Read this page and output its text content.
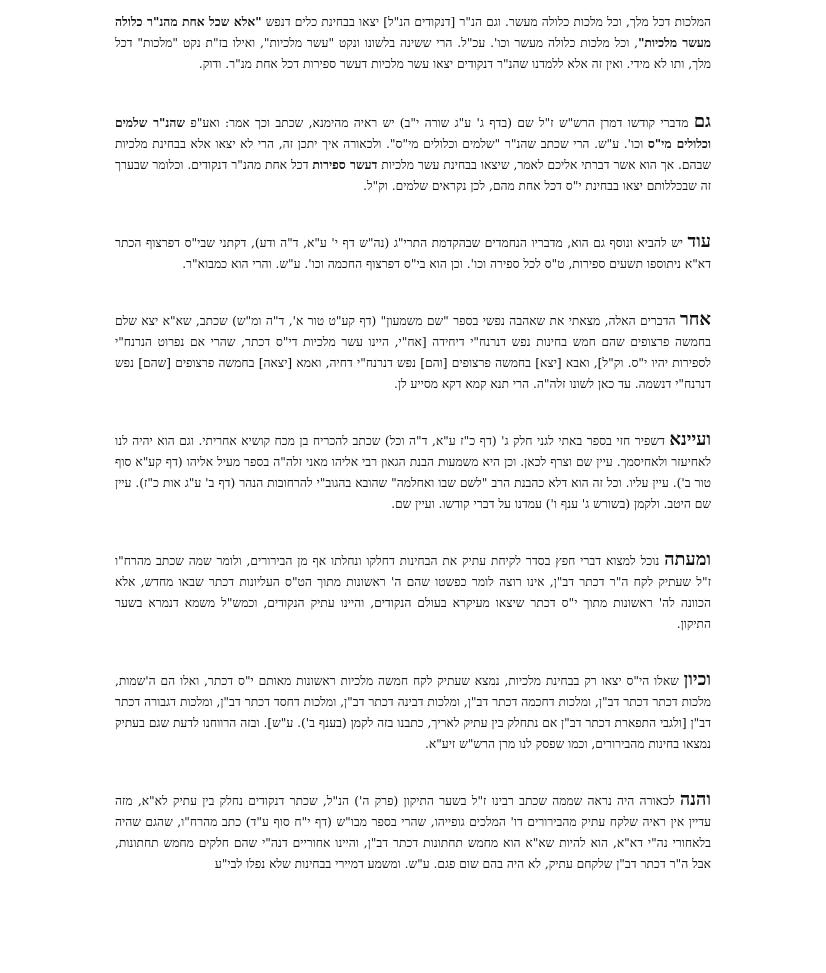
המלכות דכל מלך, וכל מלכות כלולה מעשר. וגם הנ"ר [דנקודים הנ"ל] יצאו בבחינת כלים דנפש "אלא שכל אחת מהנ"ר כלולה מעשר מלכיות", וכל מלכות כלולה מעשר וכו'. עכ"ל. הרי ששינה בלשונו ונקט "עשר מלכיות", ואילו בז"ת נקט "מלכות" דכל מלך, ותו לא מידי. ואין זה אלא ללמדנו שהנ"ר דנקודים יצאו עשר מלכיות דעשר ספירות דכל אחת מנ"ר. ודוק.

גם מדברי קודשו דמרן הרש"ש ז"ל שם (בדף ג' ע"ג שורה י"ב) יש ראיה מהימנא, שכתב וכך אמר: ואע"פ שהנ"ר שלמים וכלולים מי"ס וכו'. ע"ש. הרי שכתב שהנ"ר "שלמים וכלולים מי"ס". ולכאורה איך יתכן זה, הרי לא יצאו אלא בבחינת מלכיות שבהם. אך הוא אשר דברתי אליכם לאמר, שיצאו בבחינת עשר מלכיות דעשר ספירות דכל אחת מהנ"ר דנקודים. וכלומר שבערך זה שבכללותם יצאו בבחינת י"ס דכל אחת מהם, לכן נקראים שלמים. וק"ל.

עוד יש להביא ונוסף גם הוא, מדבריו הנחמדים שבהקדמת התרי"ג (נה"ש דף י' ע"א, ד"ה ודע), דקתני שבי"ס דפרצוף הכתר דא"א ניתוספו תשעים ספירות, ט"ס לכל ספירה וכו'. וכן הוא בי"ס דפרצוף החכמה וכו'. ע"ש. והרי הוא כמבוא"ר.

אחר הדברים האלה, מצאתי את שאהבה נפשי בספר "שם משמעון" (דף קע"ט טור א', ד"ה ומ"ש) שכתב, שא"א יצא שלם בחמשה פרצופים שהם חמש בחינות נפש דנרנח"י דיחידה [אח"י, היינו עשר מלכיות די"ס דכתר, שהרי אם נפרוט הנרנח"י לספירות יהיו י"ס. וק"ל], ואבא [יצא] בחמשה פרצופים [והם] נפש דנרנח"י דחיה, ואמא [יצאה] בחמשה פרצופים [שהם] נפש דנרנח"י דנשמה. עד כאן לשונו זלה"ה. הרי תנא קמא דקא מסייע לן.

ועיינא דשפיר חזי בספר באתי לגני חלק ג' (דף כ"ז ע"א, ד"ה וכל) שכתב להכריח בן מכח קושיא אחריתי. וגם הוא יהיה לנו לאחיעזר ולאחיסמך. עיין שם וצרף לכאן. וכן היא משמעות הבנת הגאון רבי אליהו מאני זלה"ה בספר מעיל אליהו (דף קע"א סוף טור ב'). עיין עליו. וכל זה הוא דלא כהבנת הרב "לשם שבו ואחלמה" שהובא בהגוב"י להרחובות הנהר (דף ב' ע"ג אות כ"ז). עיין שם היטב. ולקמן (בשורש ג' ענף ו') עמדנו על דברי קודשו. ועיין שם.

ומעתה נוכל למצוא דברי חפץ בסדר לקיחת עתיק את הבחינות דחלקו ונחלתו אף מן הבירורים, ולומר שמה שכתב מהרח"ו ז"ל שעתיק לקח ה"ר דכתר דב"ן, אינו רוצה לומר כפשטו שהם ה' ראשונות מתוך הט"ס העליונות דכתר שבאו מחדש, אלא הכוונה לה' ראשונות מתוך י"ס דכתר שיצאו מעיקרא בעולם הנקודים, והיינו עתיק הנקודים, וכמש"ל משמא דנמרא בשער התיקון.

וכיון שאלו הי"ס יצאו רק בבחינת מלכיות, נמצא שעתיק לקח חמשה מלכיות ראשונות מאותם י"ס דכתר, ואלו הם ה'שמות, מלכות דכתר דכתר דב"ן, ומלכות דחכמה דכתר דב"ן, ומלכות דבינה דכתר דב"ן, ומלכות דחסד דכתר דב"ן, ומלכות דגבורה דכתר דב"ן [ולגבי התפארת דכתר דב"ן אם נתחלק בין עתיק לאריך, כתבנו בזה לקמן (בענף ב'). ע"ש]. ובזה הרווחנו לדעת שגם בעתיק נמצאו בחינות מהבירורים, וכמו שפסק לנו מרן הרש"ש זיע"א.

והנה לכאורה היה נראה שממה שכתב רבינו ז"ל בשער התיקון (פרק ה') הנ"ל, שכתר דנקודים נחלק בין עתיק לא"א, מזה עדיין אין ראיה שלקח עתיק מהבירורים דו' המלכים גופייהו, שהרי בספר מבו"ש (דף י"ח סוף ע"ד) כתב מהרח"ו, שהגם שהיה בלאחורי נה"י דא"א, הוא להיות שא"א הוא מחמש תחתונות דכתר דב"ן, והיינו אחוריים דנה"י שהם חלקים מחמש תחתונות, אבל ה"ר דכתר דב"ן שלקחם עתיק, לא היה בהם שום פגם. ע"ש. ומשמע דמיירי בבחינות שלא נפלו לבי"ע
